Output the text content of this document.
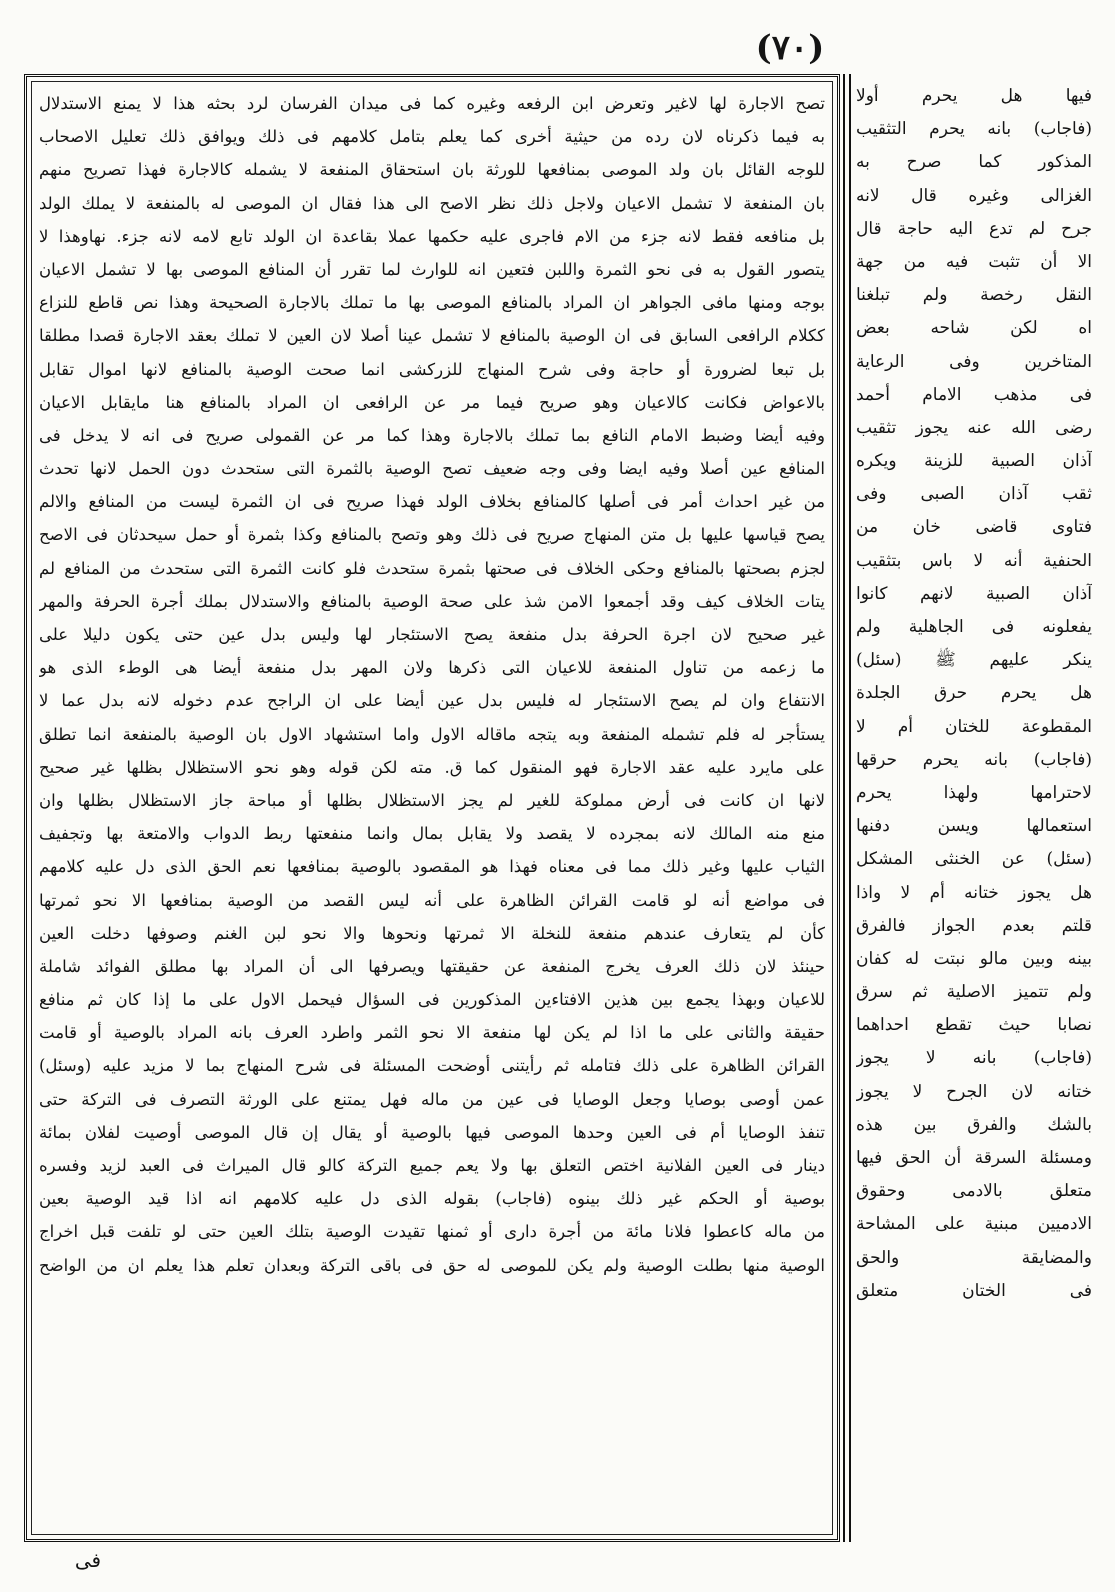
(٧٠)
تصح الاجارة لها لاغير وتعرض ابن الرفعه وغيره كما فى ميدان الفرسان لرد بحثه هذا لا يمنع الاستدلال
به فيما ذكرناه لان رده من حيثية أخرى كما يعلم بتامل كلامهم فى ذلك ويوافق ذلك تعليل الاصحاب
للوجه القائل بان ولد الموصى بمنافعها للورثة بان استحقاق المنفعة لا يشمله كالاجارة فهذا تصريح منهم
بان المنفعة لا تشمل الاعيان ولاجل ذلك نظر الاصح الى هذا فقال ان الموصى له بالمنفعة لا يملك الولد
بل منافعه فقط لانه جزء من الام فاجرى عليه حكمها عملا بقاعدة ان الولد تابع لامه لانه جزء. نهاوهذا لا
يتصور القول به فى نحو الثمرة واللبن فتعين انه للوارث لما تقرر أن المنافع الموصى بها لا تشمل الاعيان
بوجه ومنها مافى الجواهر ان المراد بالمنافع الموصى بها ما تملك بالاجارة الصحيحة وهذا نص قاطع للنزاع
ككلام الرافعى السابق فى ان الوصية بالمنافع لا تشمل عينا أصلا لان العين لا تملك بعقد الاجارة قصدا مطلقا
بل تبعا لضرورة أو حاجة وفى شرح المنهاج للزركشى انما صحت الوصية بالمنافع لانها اموال تقابل
بالاعواض فكانت كالاعيان وهو صريح فيما مر عن الرافعى ان المراد بالمنافع هنا مايقابل الاعيان
وفيه أيضا وضبط الامام النافع بما تملك بالاجارة وهذا كما مر عن القمولى صريح فى انه لا يدخل فى
المنافع عين أصلا وفيه ايضا وفى وجه ضعيف تصح الوصية بالثمرة التى ستحدث دون الحمل لانها تحدث
من غير احداث أمر فى أصلها كالمنافع بخلاف الولد فهذا صريح فى ان الثمرة ليست من المنافع والالم
يصح قياسها عليها بل متن المنهاج صريح فى ذلك وهو وتصح بالمنافع وكذا بثمرة أو حمل سيحدثان فى الاصح
لجزم بصحتها بالمنافع وحكى الخلاف فى صحتها بثمرة ستحدث فلو كانت الثمرة التى ستحدث من المنافع لم
يتات الخلاف كيف وقد أجمعوا الامن شذ على صحة الوصية بالمنافع والاستدلال بملك أجرة الحرفة والمهر
غير صحيح لان اجرة الحرفة بدل منفعة يصح الاستئجار لها وليس بدل عين حتى يكون دليلا على
ما زعمه من تناول المنفعة للاعيان التى ذكرها ولان المهر بدل منفعة أيضا هى الوطء الذى هو
الانتفاع وان لم يصح الاستئجار له فليس بدل عين أيضا على ان الراجح عدم دخوله لانه بدل عما لا
يستأجر له فلم تشمله المنفعة وبه يتجه ماقاله الاول واما استشهاد الاول بان الوصية بالمنفعة انما تطلق
على مايرد عليه عقد الاجارة فهو المنقول كما ق. مته لكن قوله وهو نحو الاستظلال بظلها غير صحيح
لانها ان كانت فى أرض مملوكة للغير لم يجز الاستظلال بظلها أو مباحة جاز الاستظلال بظلها وان
منع منه المالك لانه بمجرده لا يقصد ولا يقابل بمال وانما منفعتها ربط الدواب والامتعة بها وتجفيف
الثياب عليها وغير ذلك مما فى معناه فهذا هو المقصود بالوصية بمنافعها نعم الحق الذى دل عليه كلامهم
فى مواضع أنه لو قامت القرائن الظاهرة على أنه ليس القصد من الوصية بمنافعها الا نحو ثمرتها
كأن لم يتعارف عندهم منفعة للنخلة الا ثمرتها ونحوها والا نحو لبن الغنم وصوفها دخلت العين
حينئذ لان ذلك العرف يخرج المنفعة عن حقيقتها ويصرفها الى أن المراد بها مطلق الفوائد شاملة
للاعيان وبهذا يجمع بين هذين الافتاءين المذكورين فى السؤال فيحمل الاول على ما إذا كان ثم منافع
حقيقة والثانى على ما اذا لم يكن لها منفعة الا نحو الثمر واطرد العرف بانه المراد بالوصية أو قامت
القرائن الظاهرة على ذلك فتامله ثم رأيتنى أوضحت المسئلة فى شرح المنهاج بما لا مزيد عليه (وسئل)
عمن أوصى بوصايا وجعل الوصايا فى عين من ماله فهل يمتنع على الورثة التصرف فى التركة حتى
تنفذ الوصايا أم فى العين وحدها الموصى فيها بالوصية أو يقال إن قال الموصى أوصيت لفلان بمائة
دينار فى العين الفلانية اختص التعلق بها ولا يعم جميع التركة كالو قال الميراث فى العبد لزيد وفسره
بوصية أو الحكم غير ذلك بينوه (فاجاب) بقوله الذى دل عليه كلامهم انه اذا قيد الوصية بعين
من ماله كاعطوا فلانا مائة من أجرة دارى أو ثمنها تقيدت الوصية بتلك العين حتى لو تلفت قبل اخراج
الوصية منها بطلت الوصية ولم يكن للموصى له حق فى باقى التركة وبعدان تعلم هذا يعلم ان من الواضح
فيها هل يحرم أولا
(فاجاب) بانه يحرم التثقيب
المذكور كما صرح به
الغزالى وغيره قال لانه
جرح لم تدع اليه حاجة قال
الا أن تثبت فيه من جهة
النقل رخصة ولم تبلغنا
اه لكن شاحه بعض
المتاخرين وفى الرعاية
فى مذهب الامام أحمد
رضى الله عنه يجوز تثقيب
آذان الصبية للزينة ويكره
ثقب آذان الصبى وفى
فتاوى قاضى خان من
الحنفية أنه لا باس بتثقيب
آذان الصبية لانهم كانوا
يفعلونه فى الجاهلية ولم
ينكر عليهم ﷺ (سئل)
هل يحرم حرق الجلدة
المقطوعة للختان أم لا
(فاجاب) بانه يحرم حرقها
لاحترامها ولهذا يحرم
استعمالها ويسن دفنها
(سئل) عن الخنثى المشكل
هل يجوز ختانه أم لا واذا
قلتم بعدم الجواز فالفرق
بينه وبين مالو نبتت له كفان
ولم تتميز الاصلية ثم سرق
نصابا حيث تقطع احداهما
(فاجاب) بانه لا يجوز
ختانه لان الجرح لا يجوز
بالشك والفرق بين هذه
ومسئلة السرقة أن الحق فيها
متعلق بالادمى وحقوق
الادميين مبنية على المشاحة
والمضايقة والحق
فى الختان متعلق
فى
